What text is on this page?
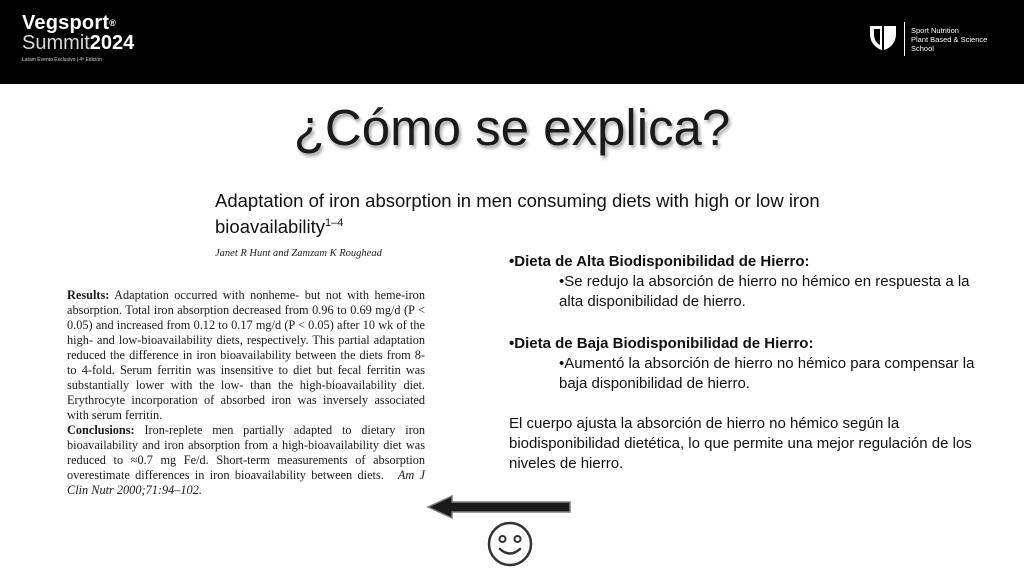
Vegsport®
Summit2024
Latam Evento Exclusivo | 4ª Edición
Sport Nutrition
Plant Based & Science
School
¿Cómo se explica?
Adaptation of iron absorption in men consuming diets with high or low iron bioavailability$^{1-4}$
Janet R Hunt and Zamzam K Roughead

Results: Adaptation occurred with nonheme- but not with heme-iron absorption. Total iron absorption decreased from 0.96 to 0.69 mg/d (P < 0.05) and increased from 0.12 to 0.17 mg/d (P < 0.05) after 10 wk of the high- and low-bioavailability diets, respectively. This partial adaptation reduced the difference in iron bioavailability between the diets from 8- to 4-fold. Serum ferritin was insensitive to diet but fecal ferritin was substantially lower with the low- than the high-bioavailability diet. Erythrocyte incorporation of absorbed iron was inversely associated with serum ferritin.

Conclusions: Iron-replete men partially adapted to dietary iron bioavailability and iron absorption from a high-bioavailability diet was reduced to ≈0.7 mg Fe/d. Short-term measurements of absorption overestimate differences in iron bioavailability between diets. Am J Clin Nutr 2000;71:94–102.

•Dieta de Alta Biodisponibilidad de Hierro:
•Se redujo la absorción de hierro no hémico en respuesta a la alta disponibilidad de hierro.
•Dieta de Baja Biodisponibilidad de Hierro:
•Aumentó la absorción de hierro no hémico para compensar la baja disponibilidad de hierro.
El cuerpo ajusta la absorción de hierro no hémico según la biodisponibilidad dietética, lo que permite una mejor regulación de los niveles de hierro.
